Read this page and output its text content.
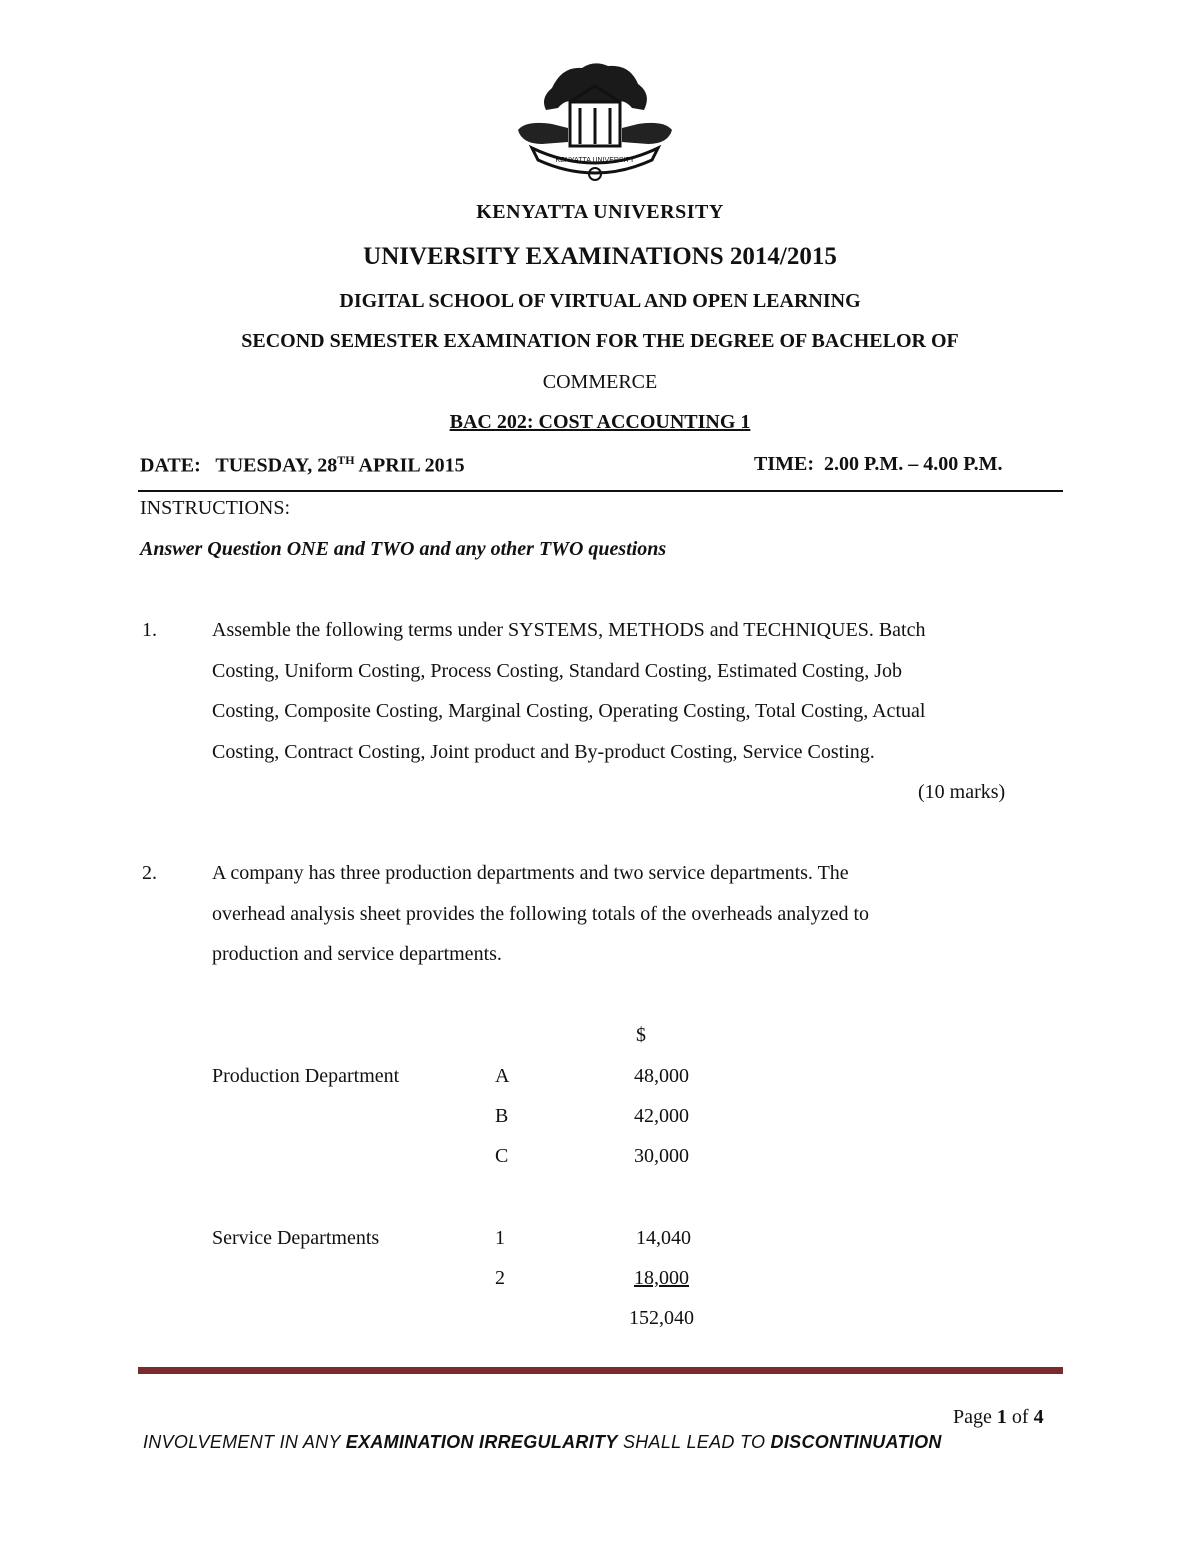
KENYATTA UNIVERSITY
KENYATTA UNIVERSITY
UNIVERSITY EXAMINATIONS 2014/2015
DIGITAL SCHOOL OF VIRTUAL AND OPEN LEARNING
SECOND SEMESTER EXAMINATION FOR THE DEGREE OF BACHELOR OF
COMMERCE
BAC 202: COST ACCOUNTING 1
DATE: TUESDAY, 28TH APRIL 2015	TIME: 2.00 P.M. – 4.00 P.M.
INSTRUCTIONS:
Answer Question ONE and TWO and any other TWO questions
1.	Assemble the following terms under SYSTEMS, METHODS and TECHNIQUES. Batch
Costing, Uniform Costing, Process Costing, Standard Costing, Estimated Costing, Job
Costing, Composite Costing, Marginal Costing, Operating Costing, Total Costing, Actual
Costing, Contract Costing, Joint product and By-product Costing, Service Costing.
(10 marks)
2.	A company has three production departments and two service departments. The
overhead analysis sheet provides the following totals of the overheads analyzed to
production and service departments.
$
Production Department	A	48,000
B	42,000
C	30,000
Service Departments	1	14,040
2	18,000
152,040
Page 1 of 4
INVOLVEMENT IN ANY EXAMINATION IRREGULARITY SHALL LEAD TO DISCONTINUATION
